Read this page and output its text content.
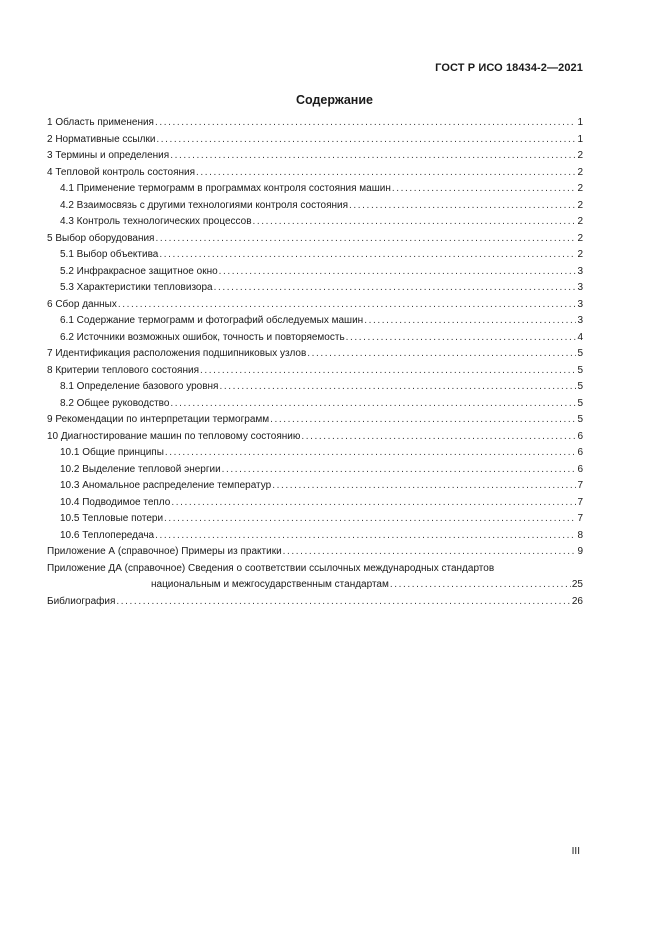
ГОСТ Р ИСО 18434-2—2021
Содержание
1 Область применения .....	1
2 Нормативные ссылки .....	1
3 Термины и определения .....	2
4 Тепловой контроль состояния .....	2
4.1 Применение термограмм в программах контроля состояния машин .....	2
4.2 Взаимосвязь с другими технологиями контроля состояния .....	2
4.3 Контроль технологических процессов .....	2
5 Выбор оборудования .....	2
5.1 Выбор объектива .....	2
5.2 Инфракрасное защитное окно .....	3
5.3 Характеристики тепловизора .....	3
6 Сбор данных .....	3
6.1 Содержание термограмм и фотографий обследуемых машин .....	3
6.2 Источники возможных ошибок, точность и повторяемость .....	4
7 Идентификация расположения подшипниковых узлов .....	5
8 Критерии теплового состояния .....	5
8.1 Определение базового уровня .....	5
8.2 Общее руководство .....	5
9 Рекомендации по интерпретации термограмм .....	5
10 Диагностирование машин по тепловому состоянию .....	6
10.1 Общие принципы .....	6
10.2 Выделение тепловой энергии .....	6
10.3 Аномальное распределение температур .....	7
10.4 Подводимое тепло .....	7
10.5 Тепловые потери .....	7
10.6 Теплопередача .....	8
Приложение А (справочное) Примеры из практики .....	9
Приложение ДА (справочное) Сведения о соответствии ссылочных международных стандартов
национальным и межгосударственным стандартам .....	25
Библиография .....	26
III
